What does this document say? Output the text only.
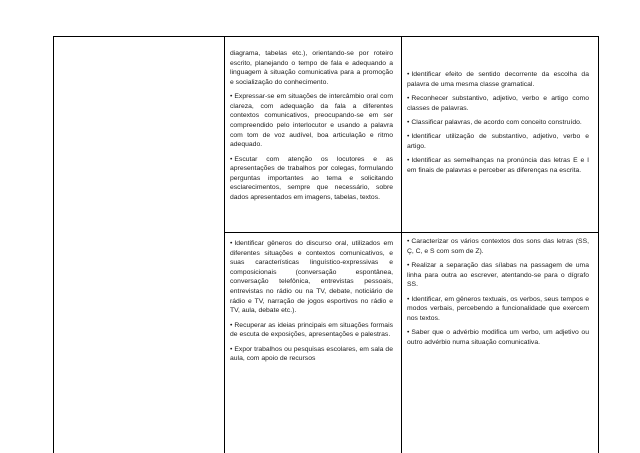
diagrama, tabelas etc.), orientando-se por roteiro escrito, planejando o tempo de fala e adequando a linguagem à situação comunicativa para a promoção e socialização do conhecimento.

• Expressar-se em situações de intercâmbio oral com clareza, com adequação da fala a diferentes contextos comunicativos, preocupando-se em ser compreendido pelo interlocutor e usando a palavra com tom de voz audível, boa articulação e ritmo adequado.

• Escutar com atenção os locutores e as apresentações de trabalhos por colegas, formulando perguntas importantes ao tema e solicitando esclarecimentos, sempre que necessário, sobre dados apresentados em imagens, tabelas, textos.

• Identificar efeito de sentido decorrente da escolha da palavra de uma mesma classe gramatical.

• Reconhecer substantivo, adjetivo, verbo e artigo como classes de palavras.

• Classificar palavras, de acordo com conceito construído.

• Identificar utilização de substantivo, adjetivo, verbo e artigo.

• Identificar as semelhanças na pronúncia das letras E e I em finais de palavras e perceber as diferenças na escrita.

• Identificar gêneros do discurso oral, utilizados em diferentes situações e contextos comunicativos, e suas características linguístico-expressivas e composicionais (conversação espontânea, conversação telefônica, entrevistas pessoais, entrevistas no rádio ou na TV, debate, noticiário de rádio e TV, narração de jogos esportivos no rádio e TV, aula, debate etc.).

• Recuperar as ideias principais em situações formais de escuta de exposições, apresentações e palestras.

• Expor trabalhos ou pesquisas escolares, em sala de aula, com apoio de recursos

• Caracterizar os vários contextos dos sons das letras (SS, Ç, C, e S com som de Z).

• Realizar a separação das sílabas na passagem de uma linha para outra ao escrever, atentando-se para o dígrafo SS.

• Identificar, em gêneros textuais, os verbos, seus tempos e modos verbais, percebendo a funcionalidade que exercem nos textos.

• Saber que o advérbio modifica um verbo, um adjetivo ou outro advérbio numa situação comunicativa.
